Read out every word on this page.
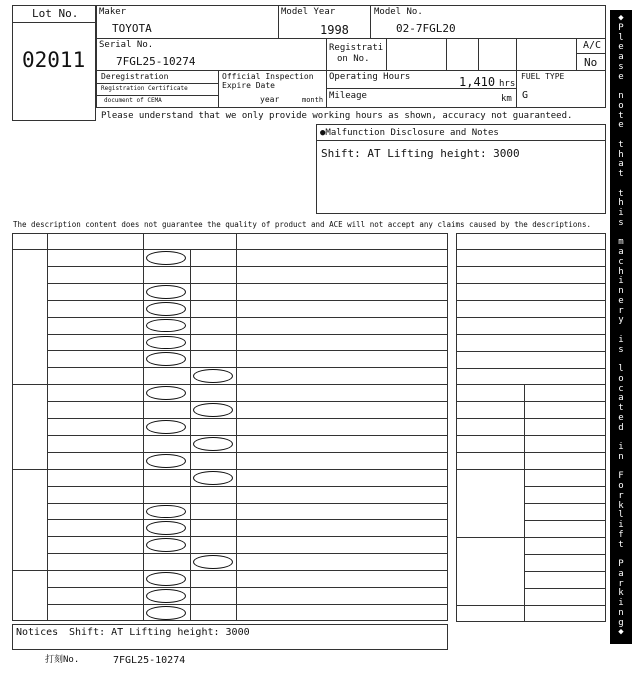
Lot No.
02011
Maker
TOYOTA
Model Year
1998
Model No.
02-7FGL20
Serial No.
7FGL25-10274
Registrati
on No.
A/C
No
Deregistration
Registration Certificate
document of CEMA
Official Inspection
Expire Date
year	month
Operating Hours	1,410 hrs
Mileage	km
FUEL TYPE
G
Please understand that we only provide working hours as shown, accuracy not guaranteed.
●Malfunction Disclosure and Notes
Shift: AT Lifting height: 3000
The description content does not guarantee the quality of product and ACE will not accept any claims caused by the descriptions.
Notices Shift: AT Lifting height: 3000
打刻No.	7FGL25-10274
◆
P
l
e
a
s
e
n
o
t
e
t
h
a
t
t
h
i
s
m
a
c
h
i
n
e
r
y
i
s
l
o
c
a
t
e
d
i
n
F
o
r
k
l
i
f
t
P
a
r
k
i
n
g
◆
